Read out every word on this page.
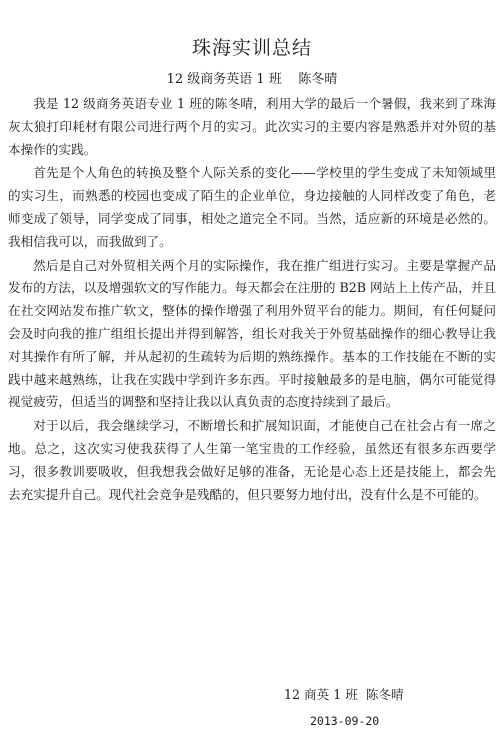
珠海实训总结
12 级商务英语 1 班    陈冬晴

我是 12 级商务英语专业 1 班的陈冬晴，利用大学的最后一个暑假，我来到了珠海灰太狼打印耗材有限公司进行两个月的实习。此次实习的主要内容是熟悉并对外贸的基本操作的实践。

首先是个人角色的转换及整个人际关系的变化——学校里的学生变成了未知领域里的实习生，而熟悉的校园也变成了陌生的企业单位，身边接触的人同样改变了角色，老师变成了领导，同学变成了同事，相处之道完全不同。当然，适应新的环境是必然的。我相信我可以，而我做到了。

然后是自己对外贸相关两个月的实际操作，我在推广组进行实习。主要是掌握产品发布的方法，以及增强软文的写作能力。每天都会在注册的 B2B 网站上上传产品，并且在社交网站发布推广软文，整体的操作增强了利用外贸平台的能力。期间，有任何疑问会及时向我的推广组组长提出并得到解答，组长对我关于外贸基础操作的细心教导让我对其操作有所了解，并从起初的生疏转为后期的熟练操作。基本的工作技能在不断的实践中越来越熟练，让我在实践中学到许多东西。平时接触最多的是电脑，偶尔可能觉得视觉疲劳，但适当的调整和坚持让我以认真负责的态度持续到了最后。

对于以后，我会继续学习，不断增长和扩展知识面，才能使自己在社会占有一席之地。总之，这次实习使我获得了人生第一笔宝贵的工作经验，虽然还有很多东西要学习，很多教训要吸收，但我想我会做好足够的准备，无论是心态上还是技能上，都会先去充实提升自己。现代社会竞争是残酷的，但只要努力地付出，没有什么是不可能的。

12 商英 1 班  陈冬晴
2013-09-20
